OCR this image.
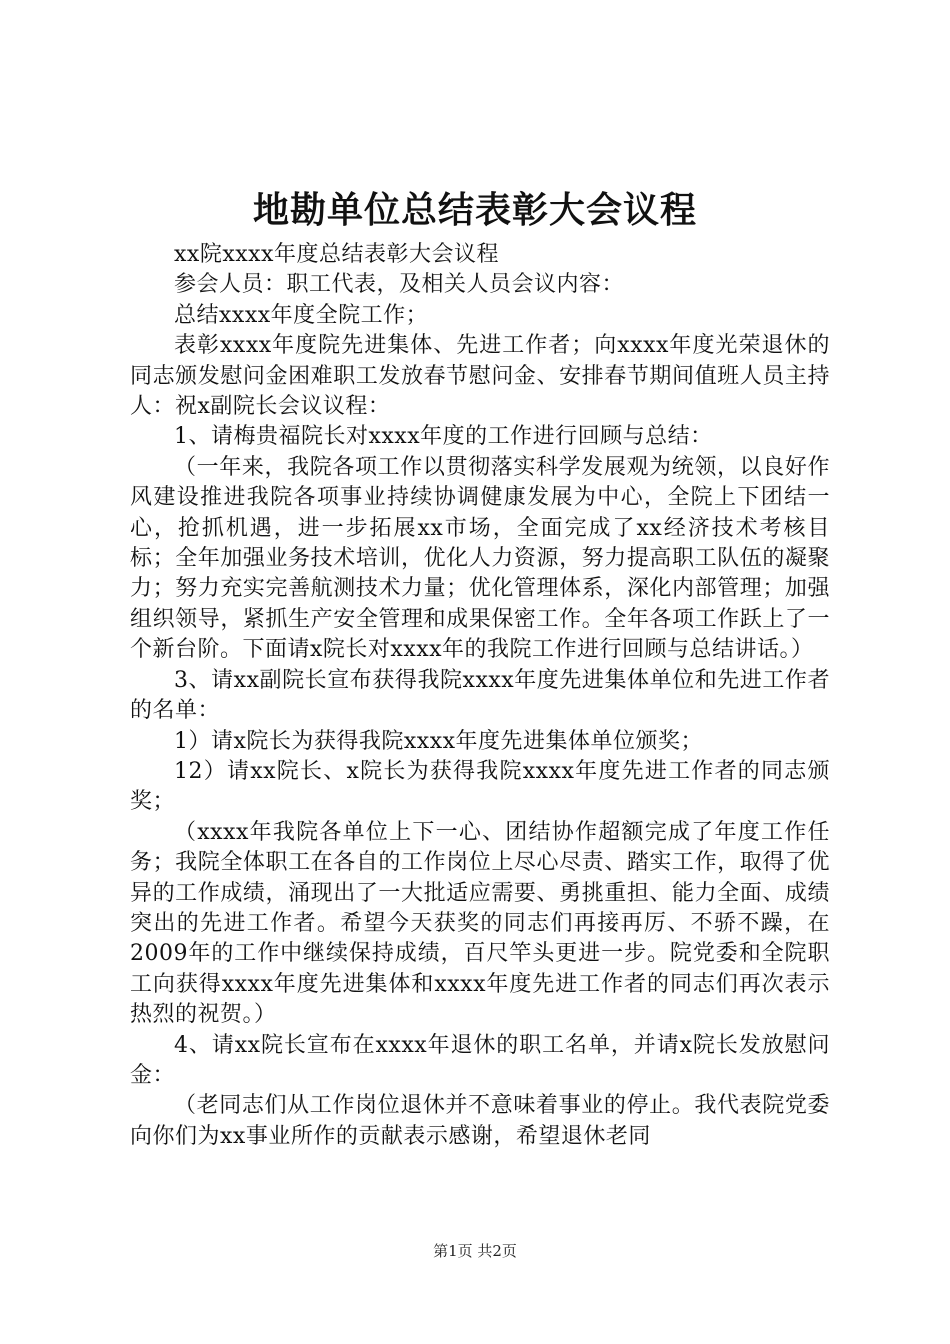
地勘单位总结表彰大会议程

xx院xxxx年度总结表彰大会议程

参会人员：职工代表，及相关人员会议内容：

总结xxxx年度全院工作；

表彰xxxx年度院先进集体、先进工作者；向xxxx年度光荣退休的同志颁发慰问金困难职工发放春节慰问金、安排春节期间值班人员主持人：祝x副院长会议议程：

1、请梅贵福院长对xxxx年度的工作进行回顾与总结：

（一年来，我院各项工作以贯彻落实科学发展观为统领，以良好作风建设推进我院各项事业持续协调健康发展为中心，全院上下团结一心，抢抓机遇，进一步拓展xx市场，全面完成了xx经济技术考核目标；全年加强业务技术培训，优化人力资源，努力提高职工队伍的凝聚力；努力充实完善航测技术力量；优化管理体系，深化内部管理；加强组织领导，紧抓生产安全管理和成果保密工作。全年各项工作跃上了一个新台阶。下面请x院长对xxxx年的我院工作进行回顾与总结讲话。）

3、请xx副院长宣布获得我院xxxx年度先进集体单位和先进工作者的名单：

1）请x院长为获得我院xxxx年度先进集体单位颁奖；

12）请xx院长、x院长为获得我院xxxx年度先进工作者的同志颁奖；

（xxxx年我院各单位上下一心、团结协作超额完成了年度工作任务；我院全体职工在各自的工作岗位上尽心尽责、踏实工作，取得了优异的工作成绩，涌现出了一大批适应需要、勇挑重担、能力全面、成绩突出的先进工作者。希望今天获奖的同志们再接再厉、不骄不躁，在2009年的工作中继续保持成绩，百尺竿头更进一步。院党委和全院职工向获得xxxx年度先进集体和xxxx年度先进工作者的同志们再次表示热烈的祝贺。）

4、请xx院长宣布在xxxx年退休的职工名单，并请x院长发放慰问金：

（老同志们从工作岗位退休并不意味着事业的停止。我代表院党委向你们为xx事业所作的贡献表示感谢，希望退休老同

第1页 共2页
